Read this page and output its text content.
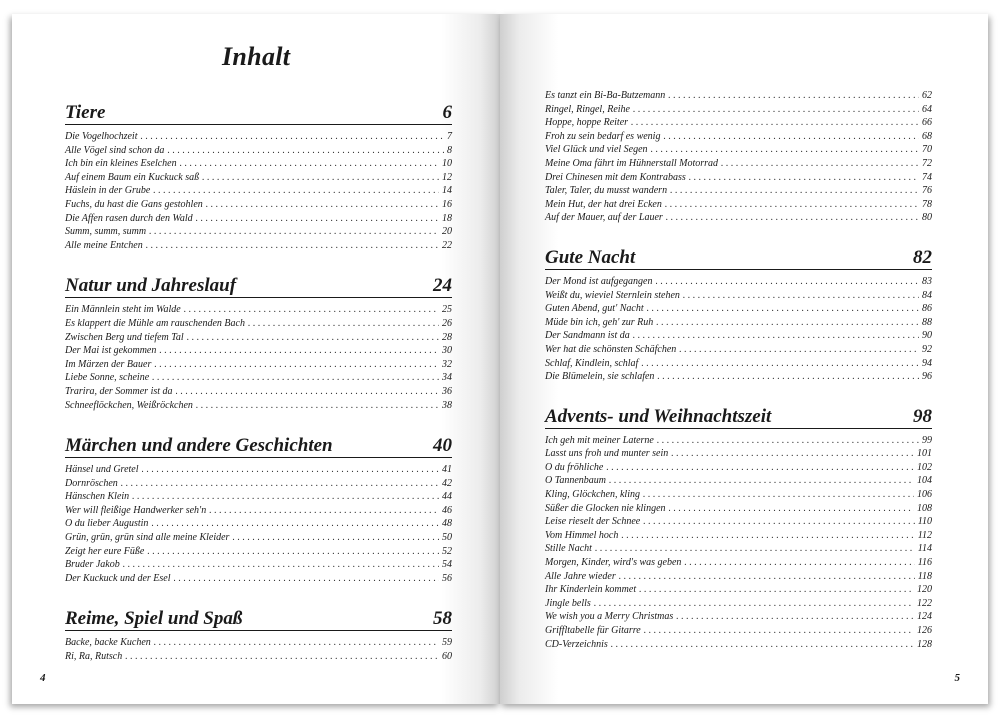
Inhalt
Tiere	6
Die Vogelhochzeit . . .	7
Alle Vögel sind schon da . . .	8
Ich bin ein kleines Eselchen . . .	10
Auf einem Baum ein Kuckuck saß . . .	12
Häslein in der Grube . . .	14
Fuchs, du hast die Gans gestohlen . . .	16
Die Affen rasen durch den Wald . . .	18
Summ, summ, summ . . .	20
Alle meine Entchen . . .	22
Natur und Jahreslauf	24
Ein Männlein steht im Walde . . .	25
Es klappert die Mühle am rauschenden Bach . . .	26
Zwischen Berg und tiefem Tal . . .	28
Der Mai ist gekommen . . .	30
Im Märzen der Bauer . . .	32
Liebe Sonne, scheine . . .	34
Trarira, der Sommer ist da . . .	36
Schneeflöckchen, Weißröckchen . . .	38
Märchen und andere Geschichten	40
Hänsel und Gretel . . .	41
Dornröschen . . .	42
Hänschen Klein . . .	44
Wer will fleißige Handwerker seh'n . . .	46
O du lieber Augustin . . .	48
Grün, grün, grün sind alle meine Kleider . . .	50
Zeigt her eure Füße . . .	52
Bruder Jakob . . .	54
Der Kuckuck und der Esel . . .	56
Reime, Spiel und Spaß	58
Backe, backe Kuchen . . .	59
Ri, Ra, Rutsch . . .	60
4
Es tanzt ein Bi-Ba-Butzemann . . .	62
Ringel, Ringel, Reihe . . .	64
Hoppe, hoppe Reiter . . .	66
Froh zu sein bedarf es wenig . . .	68
Viel Glück und viel Segen . . .	70
Meine Oma fährt im Hühnerstall Motorrad . . .	72
Drei Chinesen mit dem Kontrabass . . .	74
Taler, Taler, du musst wandern . . .	76
Mein Hut, der hat drei Ecken . . .	78
Auf der Mauer, auf der Lauer . . .	80
Gute Nacht	82
Der Mond ist aufgegangen . . .	83
Weißt du, wieviel Sternlein stehen . . .	84
Guten Abend, gut' Nacht . . .	86
Müde bin ich, geh' zur Ruh . . .	88
Der Sandmann ist da . . .	90
Wer hat die schönsten Schäfchen . . .	92
Schlaf, Kindlein, schlaf . . .	94
Die Blümelein, sie schlafen . . .	96
Advents- und Weihnachtszeit	98
Ich geh mit meiner Laterne . . .	99
Lasst uns froh und munter sein . . .	101
O du fröhliche . . .	102
O Tannenbaum . . .	104
Kling, Glöckchen, kling . . .	106
Süßer die Glocken nie klingen . . .	108
Leise rieselt der Schnee . . .	110
Vom Himmel hoch . . .	112
Stille Nacht . . .	114
Morgen, Kinder, wird's was geben . . .	116
Alle Jahre wieder . . .	118
Ihr Kinderlein kommet . . .	120
Jingle bells . . .	122
We wish you a Merry Christmas . . .	124
Griffltabelle für Gitarre . . .	126
CD-Verzeichnis . . .	128
5
